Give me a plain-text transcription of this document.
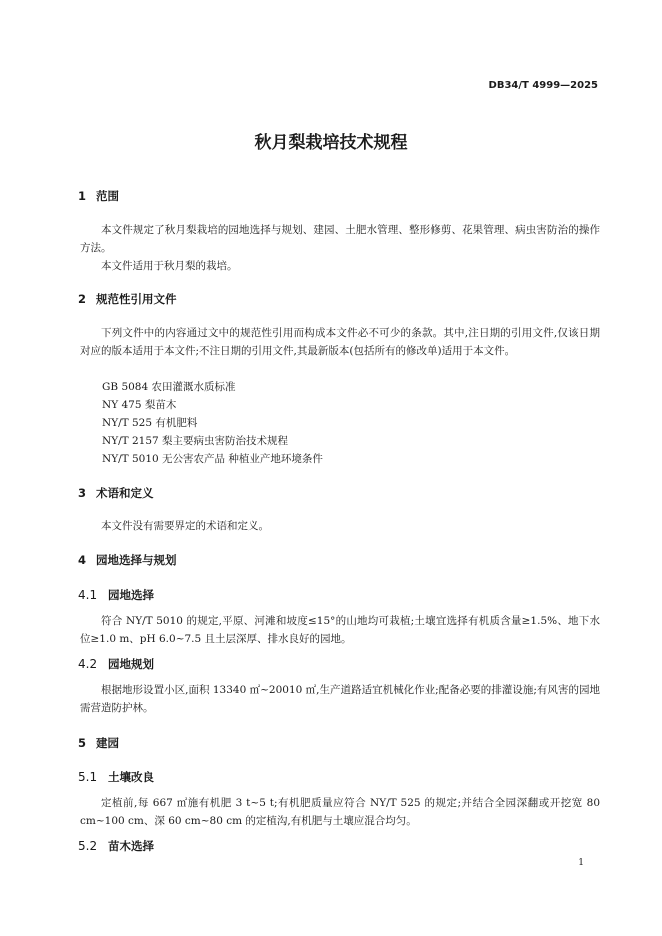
DB34/T 4999—2025
秋月梨栽培技术规程
1 范围
本文件规定了秋月梨栽培的园地选择与规划、建园、土肥水管理、整形修剪、花果管理、病虫害防治的操作方法。
本文件适用于秋月梨的栽培。
2 规范性引用文件
下列文件中的内容通过文中的规范性引用而构成本文件必不可少的条款。其中,注日期的引用文件,仅该日期对应的版本适用于本文件;不注日期的引用文件,其最新版本(包括所有的修改单)适用于本文件。
GB 5084 农田灌溉水质标准
NY 475 梨苗木
NY/T 525 有机肥料
NY/T 2157 梨主要病虫害防治技术规程
NY/T 5010 无公害农产品 种植业产地环境条件
3 术语和定义
本文件没有需要界定的术语和定义。
4 园地选择与规划
4.1 园地选择
符合 NY/T 5010 的规定,平原、河滩和坡度≤15°的山地均可栽植;土壤宜选择有机质含量≥1.5%、地下水位≥1.0 m、pH 6.0~7.5 且土层深厚、排水良好的园地。
4.2 园地规划
根据地形设置小区,面积 13340 ㎡~20010 ㎡,生产道路适宜机械化作业;配备必要的排灌设施;有风害的园地需营造防护林。
5 建园
5.1 土壤改良
定植前,每 667 ㎡施有机肥 3 t~5 t;有机肥质量应符合 NY/T 525 的规定;并结合全园深翻或开挖宽 80 cm~100 cm、深 60 cm~80 cm 的定植沟,有机肥与土壤应混合均匀。
5.2 苗木选择
1
